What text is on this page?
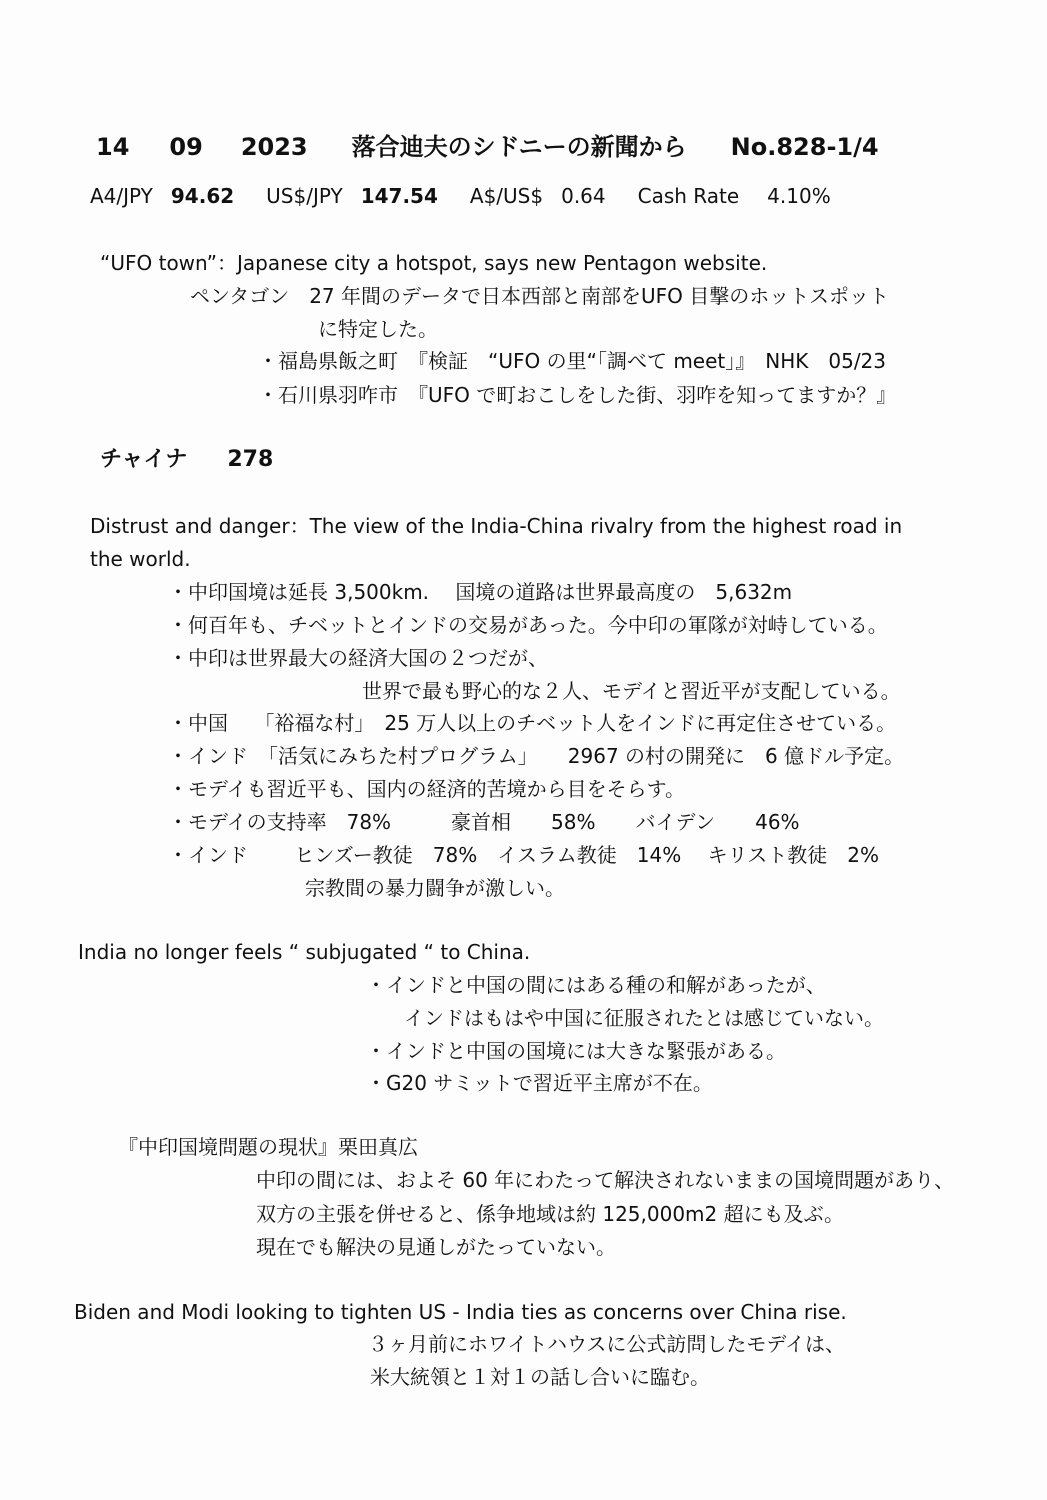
14 09 2023 落合迪夫のシドニーの新聞から No.828-1/4
A4/JPY 94.62 US$/JPY 147.54 A$/US$ 0.64 Cash Rate 4.10%
“UFO town”：Japanese city a hotspot, says new Pentagon website.
ペンタゴン　27 年間のデータで日本西部と南部をUFO 目撃のホットスポット
に特定した。
・福島県飯之町　『検証　“UFO の里“「調べて meet」』　NHK　05/23
・石川県羽咋市　『UFO で町おこしをした街、羽咋を知ってますか？』
チャイナ 278
Distrust and danger：The view of the India-China rivalry from the highest road in
the world.
・中印国境は延長 3,500km.　 国境の道路は世界最高度の　5,632m
・何百年も、チベットとインドの交易があった。今中印の軍隊が対峙している。
・中印は世界最大の経済大国の２つだが、
世界で最も野心的な２人、モデイと習近平が支配している。
・中国　 「裕福な村」　25 万人以上のチベット人をインドに再定住させている。
・インド　「活気にみちた村プログラム」　　2967 の村の開発に　6 億ドル予定。
・モデイも習近平も、国内の経済的苦境から目をそらす。
・モデイの支持率　78%　　　豪首相　　58%　　バイデン　　46%
・インド　　 ヒンズー教徒　78%　イスラム教徒　14%　 キリスト教徒　2%
宗教間の暴力闘争が激しい。
India no longer feels “ subjugated “ to China.
・インドと中国の間にはある種の和解があったが、
インドはもはや中国に征服されたとは感じていない。
・インドと中国の国境には大きな緊張がある。
・G20 サミットで習近平主席が不在。
『中印国境問題の現状』栗田真広
中印の間には、およそ 60 年にわたって解決されないままの国境問題があり、
双方の主張を併せると、係争地域は約 125,000m2 超にも及ぶ。
現在でも解決の見通しがたっていない。
Biden and Modi looking to tighten US - India ties as concerns over China rise.
３ヶ月前にホワイトハウスに公式訪問したモデイは、
米大統領と１対１の話し合いに臨む。
